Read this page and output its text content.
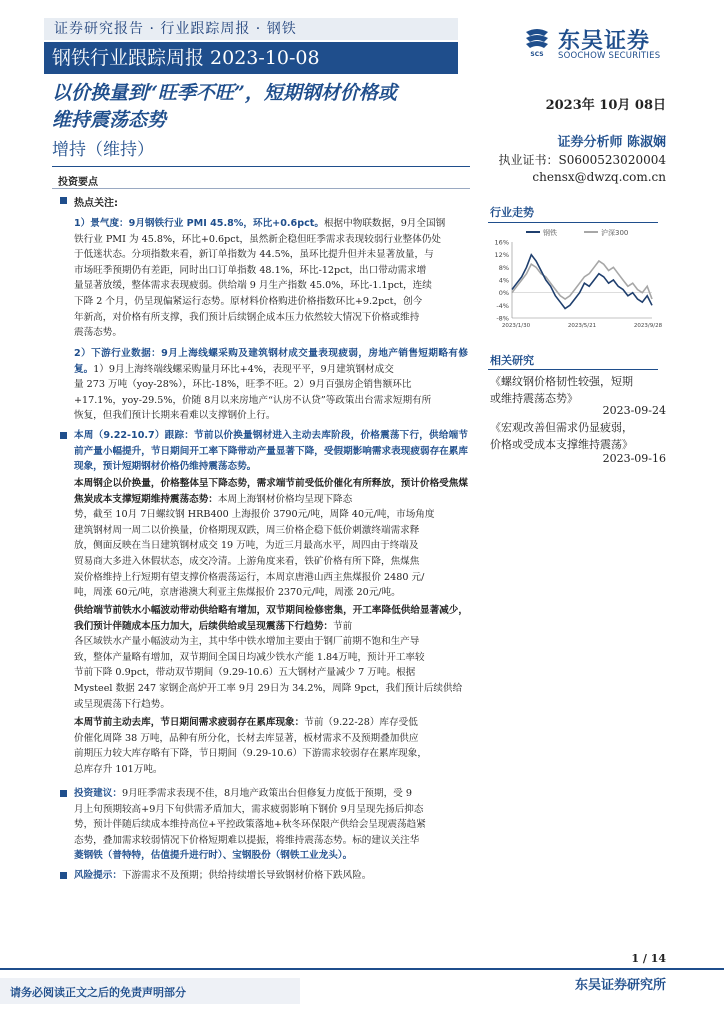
证券研究报告 · 行业跟踪周报 · 钢铁
钢铁行业跟踪周报 2023-10-08	SCS
东吴证券
SOOCHOW SECURITIES
以价换量到“旺季不旺”，短期钢材价格或
维持震荡态势
增持（维持）
2023年 10月 08日
证券分析师 陈淑娴
执业证书：S0600523020004
chensx@dwzq.com.cn
投资要点
热点关注:
1）景气度：9月钢铁行业 PMI 45.8%，环比+0.6pct。根据中物联数据，9月全国钢
铁行业 PMI 为 45.8%，环比+0.6pct，虽然新企稳但旺季需求表现较弱行业整体仍处
于低迷状态。分项指数来看，新订单指数为 44.5%，虽环比提升但并未显著放量，与
市场旺季预期仍有差距，同时出口订单指数 48.1%，环比-12pct，出口带动需求增
量显著放缓，整体需求表现疲弱。供给端 9 月生产指数 45.0%，环比-1.1pct，连续
下降 2 个月，仍呈现偏紧运行态势。原材料价格购进价格指数环比+9.2pct，创今
年新高，对价格有所支撑，我们预计后续钢企成本压力依然较大情况下价格或维持
震荡态势。
2）下游行业数据：9月上海线螺采购及建筑钢材成交量表现疲弱，房地产销售短期略有修复。1）9月上海终端线螺采购量月环比+4%，表现平平，9月建筑钢材成交
量 273 万吨（yoy-28%），环比-18%，旺季不旺。2）9月百强房企销售额环比
+17.1%，yoy-29.5%，价随 8月以来房地产“认房不认贷”等政策出台需求短期有所
恢复，但我们预计长期来看难以支撑钢价上行。
本周（9.22-10.7）跟踪：节前以价换量钢材进入主动去库阶段，价格震荡下行，供给端节前产量小幅提升，节日期间开工率下降带动产量显著下降，受假期影响需求表现疲弱存在累库现象，预计短期钢材价格仍维持震荡态势。
本周钢企以价换量，价格整体呈下降态势，需求端节前受低价催化有所释放，预计价格受焦煤焦炭成本支撑短期维持震荡态势：本周上海钢材价格均呈现下降态
势，截至 10月 7日螺纹钢 HRB400 上海报价 3790元/吨，周降 40元/吨，市场角度
建筑钢材周一周二以价换量，价格期现双跌，周三价格企稳下低价刺激终端需求释
放，侧面反映在当日建筑钢材成交 19 万吨，为近三月最高水平，周四由于终端及
贸易商大多进入休假状态，成交冷清。上游角度来看，铁矿价格有所下降，焦煤焦
炭价格维持上行短期有望支撑价格震荡运行，本周京唐港山西主焦煤报价 2480 元/
吨，周涨 60元/吨，京唐港澳大利亚主焦煤报价 2370元/吨，周涨 20元/吨。
供给端节前铁水小幅波动带动供给略有增加，双节期间检修密集，开工率降低供给显著减少，我们预计伴随成本压力加大，后续供给或呈现震荡下行趋势：节前
各区域铁水产量小幅波动为主，其中华中铁水增加主要由于钢厂前期不饱和生产导
致，整体产量略有增加，双节期间全国日均减少铁水产能 1.84万吨，预计开工率较
节前下降 0.9pct，带动双节期间（9.29-10.6）五大钢材产量减少 7 万吨。根据
Mysteel 数据 247 家钢企高炉开工率 9月 29日为 34.2%，周降 9pct，我们预计后续供给
或呈现震荡下行趋势。
本周节前主动去库，节日期间需求疲弱存在累库现象：节前（9.22-28）库存受低
价催化周降 38 万吨，品种有所分化，长材去库显著，板材需求不及预期叠加供应
前期压力较大库存略有下降，节日期间（9.29-10.6）下游需求较弱存在累库现象，
总库存升 101万吨。
投资建议：9月旺季需求表现不佳，8月地产政策出台但修复力度低于预期，受 9
月上旬预期较高+9月下旬供需矛盾加大，需求疲弱影响下钢价 9月呈现先扬后抑态
势，预计伴随后续成本维持高位+平控政策落地+秋冬环保限产供给会呈现震荡趋紧
态势，叠加需求较弱情况下价格短期难以提振，将维持震荡态势。标的建议关注华
菱钢铁（普特特，估值提升进行时）、宝钢股份（钢铁工业龙头）。
风险提示：下游需求不及预期；供给持续增长导致钢材价格下跌风险。
行业走势
钢铁	沪深300
16%
12%
8%
4%
0%
-4%
-8%
2023/1/30	2023/5/21	2023/9/28
相关研究
《螺纹钢价格韧性较强，短期
或维持震荡态势》
2023-09-24
《宏观改善但需求仍显疲弱，
价格或受成本支撑维持震荡》
2023-09-16
1 / 14
请务必阅读正文之后的免责声明部分	东吴证券研究所
